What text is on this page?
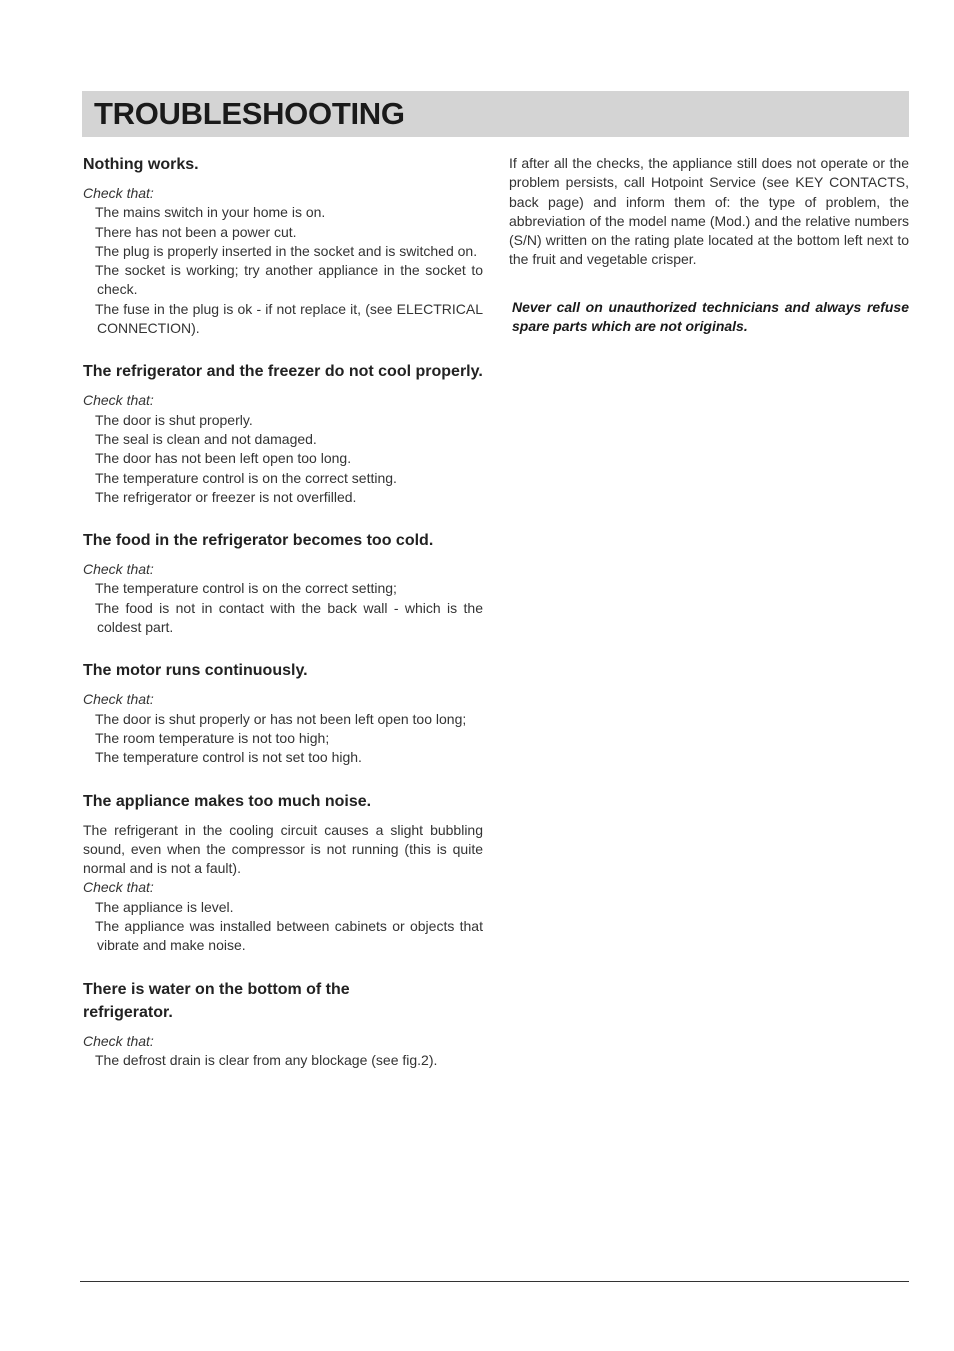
TROUBLESHOOTING
Nothing works.

Check that:

The mains switch in your home is on.
There has not been a power cut.
The plug is properly inserted in the socket and is switched on.
The socket is working; try another appliance in the socket to check.
The fuse in the plug is ok - if not replace it, (see ELECTRICAL CONNECTION).
The refrigerator and the freezer do not cool properly.

Check that:

The door is shut properly.
The seal is clean and not damaged.
The door has not been left open too long.
The temperature control is on the correct setting.
The refrigerator or freezer is not overfilled.
The food in the refrigerator becomes too cold.

Check that:

The temperature control is on the correct setting;
The food is not in contact with the back wall - which is the coldest part.
The motor runs continuously.

Check that:

The door is shut properly or has not been left open too long;
The room temperature is not too high;
The temperature control is not set too high.
The appliance makes too much noise.

The refrigerant in the cooling circuit causes a slight bubbling sound, even when the compressor is not running (this is quite normal and is not a fault).

Check that:

The appliance is level.
The appliance was installed between cabinets or objects that vibrate and make noise.
There is water on the bottom of the refrigerator.

Check that:

The defrost drain is clear from any blockage (see fig.2).

If after all the checks, the appliance still does not operate or the problem persists, call Hotpoint Service (see KEY CONTACTS, back page) and inform them of: the type of problem, the abbreviation of the model name (Mod.) and the relative numbers (S/N) written on the rating plate located at the bottom left next to the fruit and vegetable crisper.

Never call on unauthorized technicians and always refuse spare parts which are not originals.
